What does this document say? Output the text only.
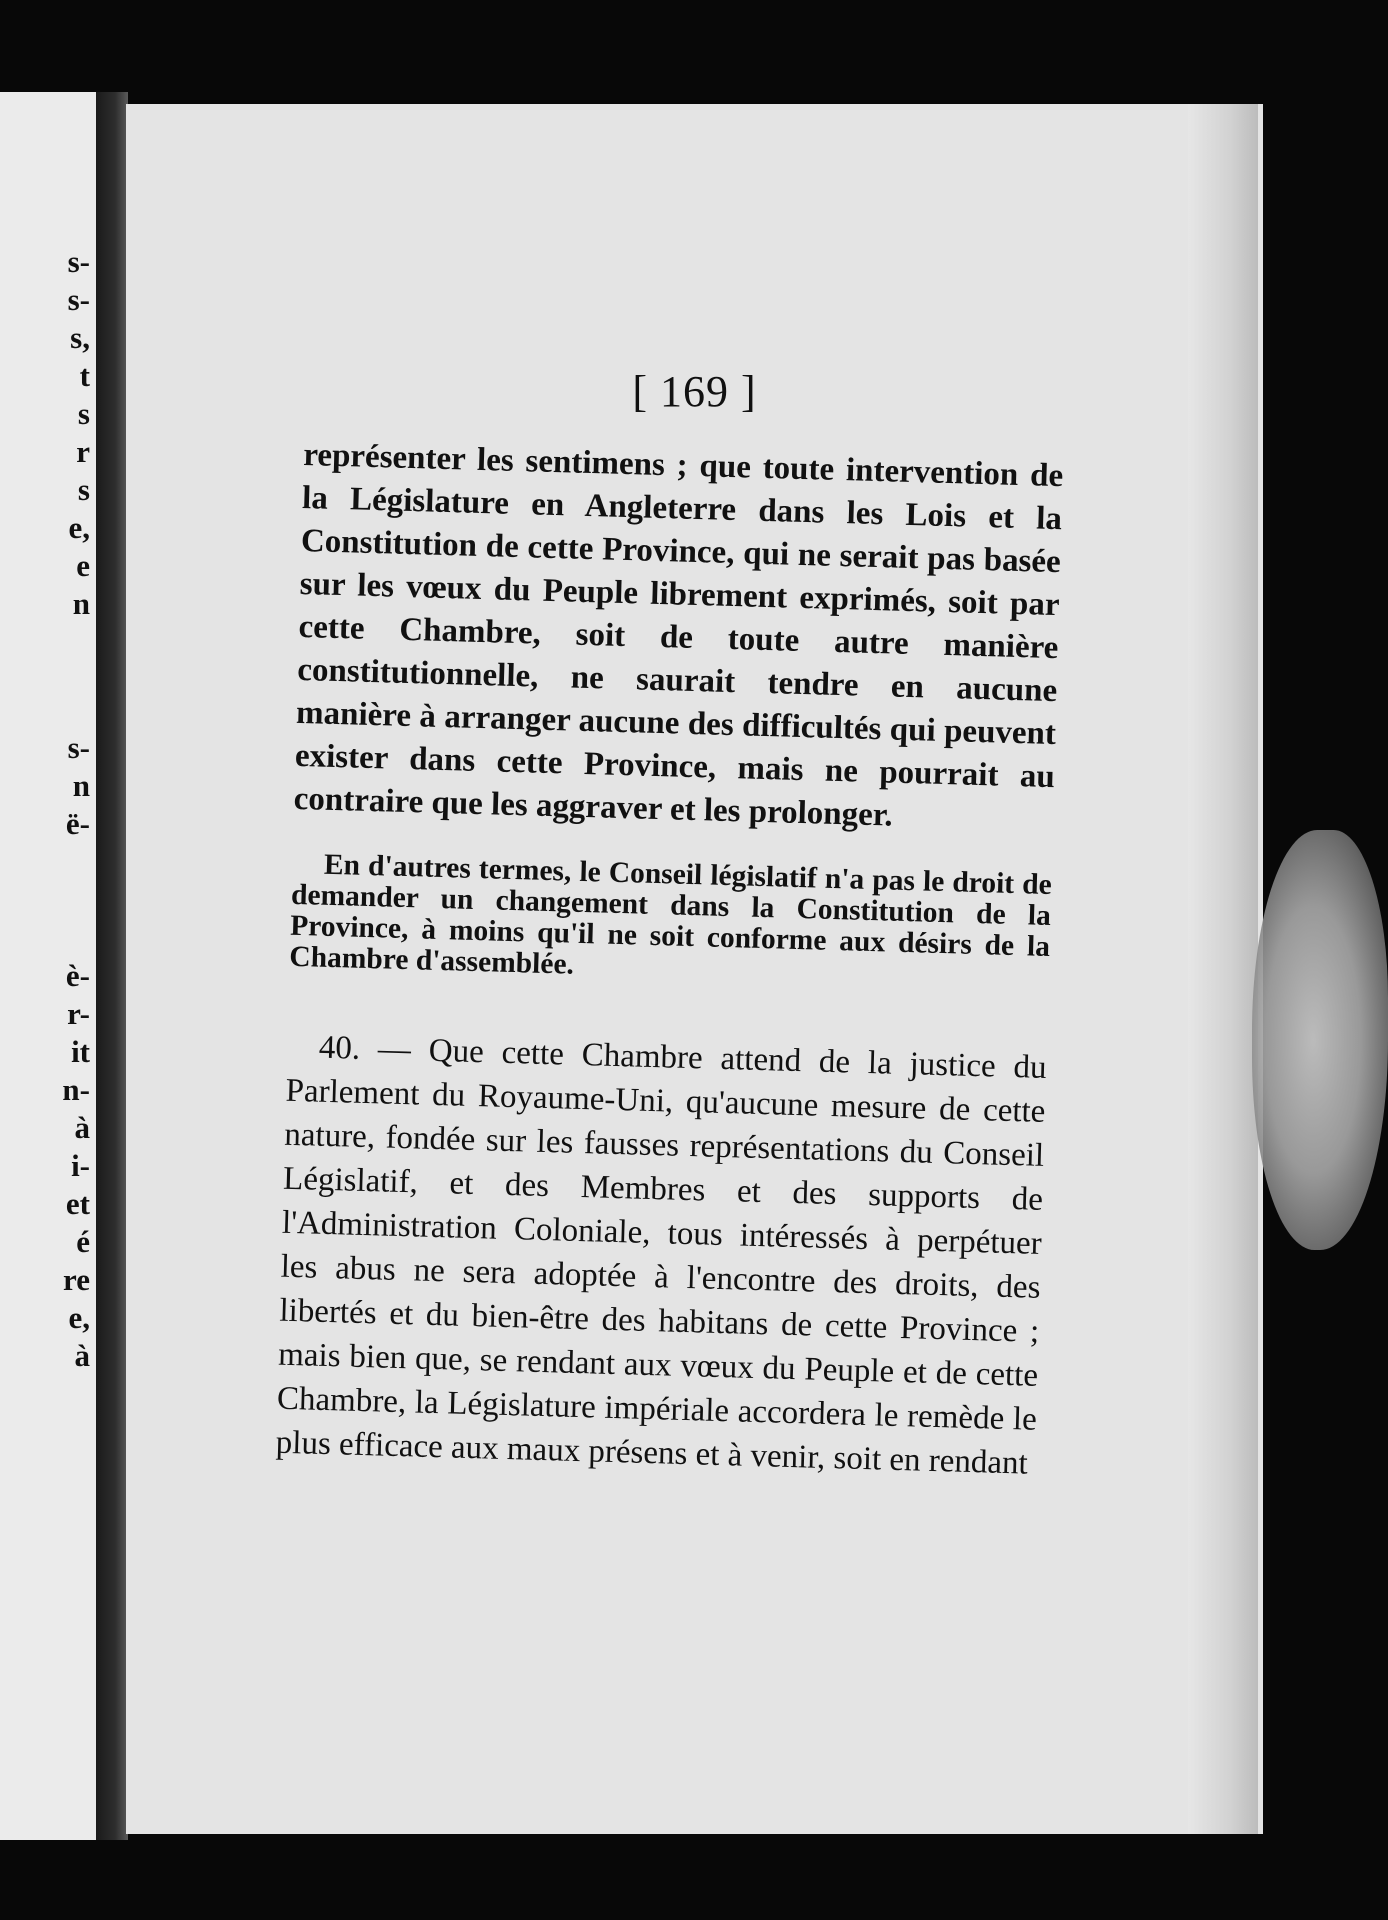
s-
s-
s,
t
s
r
s
e,
e
n
s-
n
ë-
è-
r-
it
n-
à
i-
et
é
re
e,
à
[ 169 ]

représenter les sentimens ; que toute intervention de la Législature en Angleterre dans les Lois et la Constitution de cette Province, qui ne serait pas basée sur les vœux du Peuple librement exprimés, soit par cette Chambre, soit de toute autre manière constitutionnelle, ne saurait tendre en aucune manière à arranger aucune des difficultés qui peuvent exister dans cette Province, mais ne pourrait au contraire que les aggraver et les prolonger.

En d'autres termes, le Conseil législatif n'a pas le droit de demander un changement dans la Constitution de la Province, à moins qu'il ne soit conforme aux désirs de la Chambre d'assemblée.

40. — Que cette Chambre attend de la justice du Parlement du Royaume-Uni, qu'aucune mesure de cette nature, fondée sur les fausses représentations du Conseil Législatif, et des Membres et des supports de l'Administration Coloniale, tous intéressés à perpétuer les abus ne sera adoptée à l'encontre des droits, des libertés et du bien-être des habitans de cette Province ; mais bien que, se rendant aux vœux du Peuple et de cette Chambre, la Législature impériale accordera le remède le plus efficace aux maux présens et à venir, soit en rendant
